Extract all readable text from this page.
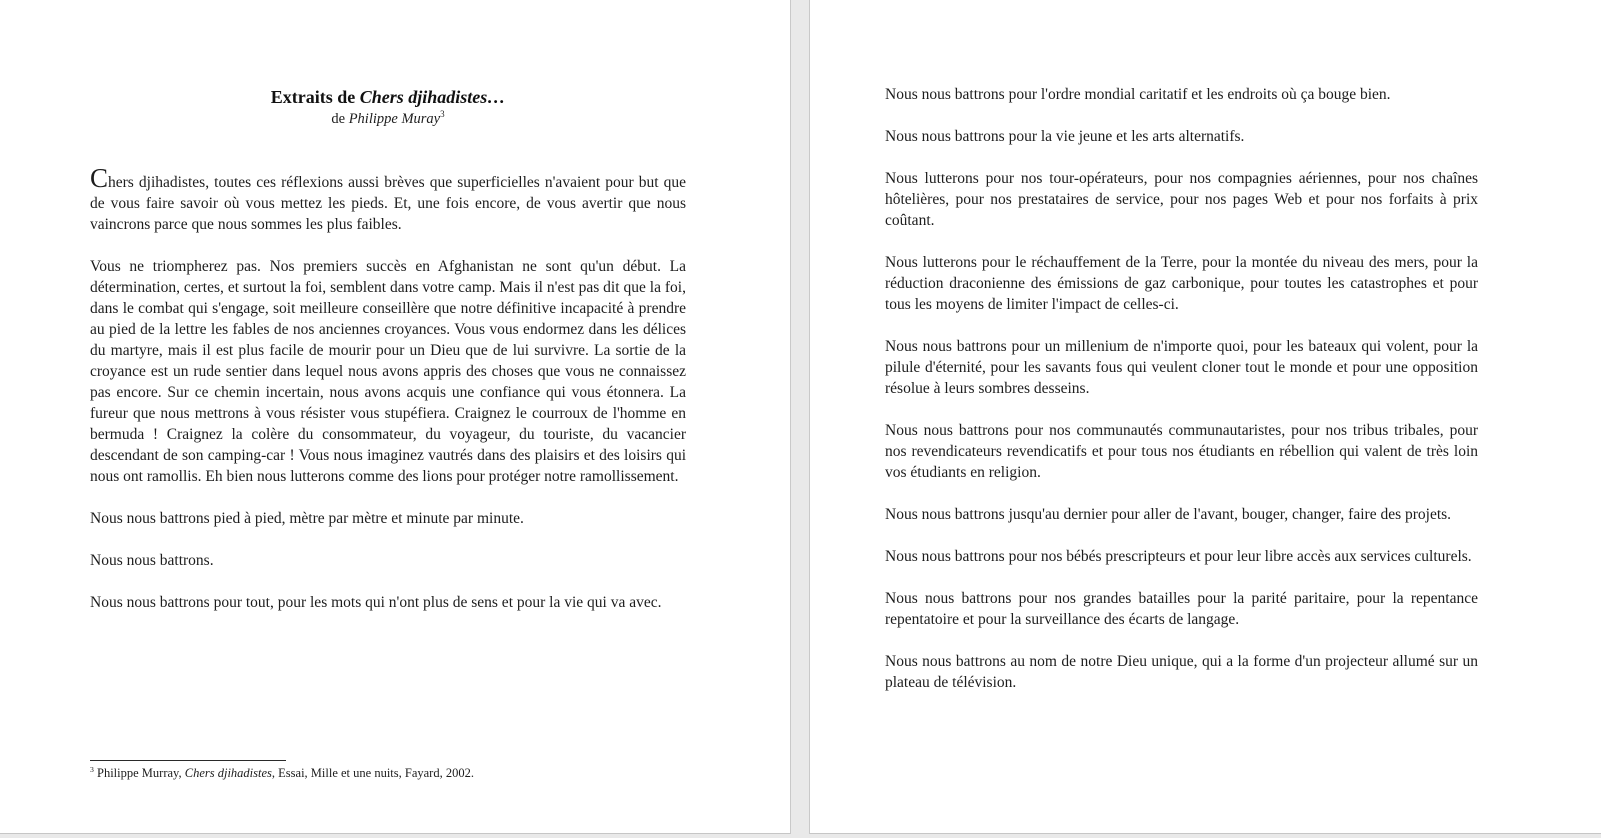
Extraits de Chers djihadistes…
de Philippe Muray$^3$

Chers djihadistes, toutes ces réflexions aussi brèves que superficielles n'avaient pour but que de vous faire savoir où vous mettez les pieds. Et, une fois encore, de vous avertir que nous vaincrons parce que nous sommes les plus faibles.

Vous ne triompherez pas. Nos premiers succès en Afghanistan ne sont qu'un début. La détermination, certes, et surtout la foi, semblent dans votre camp. Mais il n'est pas dit que la foi, dans le combat qui s'engage, soit meilleure conseillère que notre définitive incapacité à prendre au pied de la lettre les fables de nos anciennes croyances. Vous vous endormez dans les délices du martyre, mais il est plus facile de mourir pour un Dieu que de lui survivre. La sortie de la croyance est un rude sentier dans lequel nous avons appris des choses que vous ne connaissez pas encore. Sur ce chemin incertain, nous avons acquis une confiance qui vous étonnera. La fureur que nous mettrons à vous résister vous stupéfiera. Craignez le courroux de l'homme en bermuda ! Craignez la colère du consommateur, du voyageur, du touriste, du vacancier descendant de son camping-car ! Vous nous imaginez vautrés dans des plaisirs et des loisirs qui nous ont ramollis. Eh bien nous lutterons comme des lions pour protéger notre ramollissement.

Nous nous battrons pied à pied, mètre par mètre et minute par minute.

Nous nous battrons.

Nous nous battrons pour tout, pour les mots qui n'ont plus de sens et pour la vie qui va avec.

$^3$ Philippe Murray, Chers djihadistes, Essai, Mille et une nuits, Fayard, 2002.

Nous nous battrons pour l'ordre mondial caritatif et les endroits où ça bouge bien.

Nous nous battrons pour la vie jeune et les arts alternatifs.

Nous lutterons pour nos tour-opérateurs, pour nos compagnies aériennes, pour nos chaînes hôtelières, pour nos prestataires de service, pour nos pages Web et pour nos forfaits à prix coûtant.

Nous lutterons pour le réchauffement de la Terre, pour la montée du niveau des mers, pour la réduction draconienne des émissions de gaz carbonique, pour toutes les catastrophes et pour tous les moyens de limiter l'impact de celles-ci.

Nous nous battrons pour un millenium de n'importe quoi, pour les bateaux qui volent, pour la pilule d'éternité, pour les savants fous qui veulent cloner tout le monde et pour une opposition résolue à leurs sombres desseins.

Nous nous battrons pour nos communautés communautaristes, pour nos tribus tribales, pour nos revendicateurs revendicatifs et pour tous nos étudiants en rébellion qui valent de très loin vos étudiants en religion.

Nous nous battrons jusqu'au dernier pour aller de l'avant, bouger, changer, faire des projets.

Nous nous battrons pour nos bébés prescripteurs et pour leur libre accès aux services culturels.

Nous nous battrons pour nos grandes batailles pour la parité paritaire, pour la repentance repentatoire et pour la surveillance des écarts de langage.

Nous nous battrons au nom de notre Dieu unique, qui a la forme d'un projecteur allumé sur un plateau de télévision.
